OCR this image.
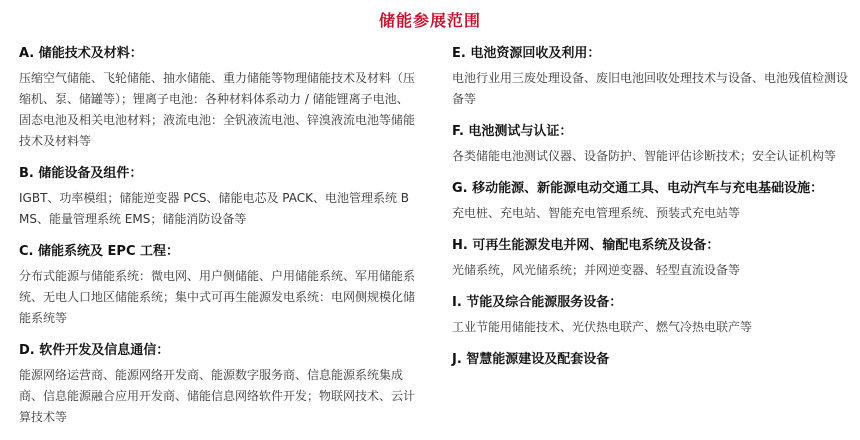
储能参展范围
A. 储能技术及材料：

压缩空气储能、飞轮储能、抽水储能、重力储能等物理储能技术及材料（压缩机、泵、储罐等）；锂离子电池：各种材料体系动力 / 储能锂离子电池、固态电池及相关电池材料；液流电池：全钒液流电池、锌溴液流电池等储能技术及材料等

B. 储能设备及组件：

IGBT、功率模组；储能逆变器 PCS、储能电芯及 PACK、电池管理系统 BMS、能量管理系统 EMS；储能消防设备等

C. 储能系统及 EPC 工程：

分布式能源与储能系统：微电网、用户侧储能、户用储能系统、军用储能系统、无电人口地区储能系统；集中式可再生能源发电系统：电网侧规模化储能系统等

D. 软件开发及信息通信：

能源网络运营商、能源网络开发商、能源数字服务商、信息能源系统集成商、信息能源融合应用开发商、储能信息网络软件开发；物联网技术、云计算技术等

E. 电池资源回收及利用：

电池行业用三废处理设备、废旧电池回收处理技术与设备、电池残值检测设备等

F. 电池测试与认证：

各类储能电池测试仪器、设备防护、智能评估诊断技术；安全认证机构等

G. 移动能源、新能源电动交通工具、电动汽车与充电基础设施：

充电桩、充电站、智能充电管理系统、预装式充电站等

H. 可再生能源发电并网、输配电系统及设备：

光储系统，风光储系统；并网逆变器、轻型直流设备等

I. 节能及综合能源服务设备：

工业节能用储能技术、光伏热电联产、燃气冷热电联产等

J. 智慧能源建设及配套设备
